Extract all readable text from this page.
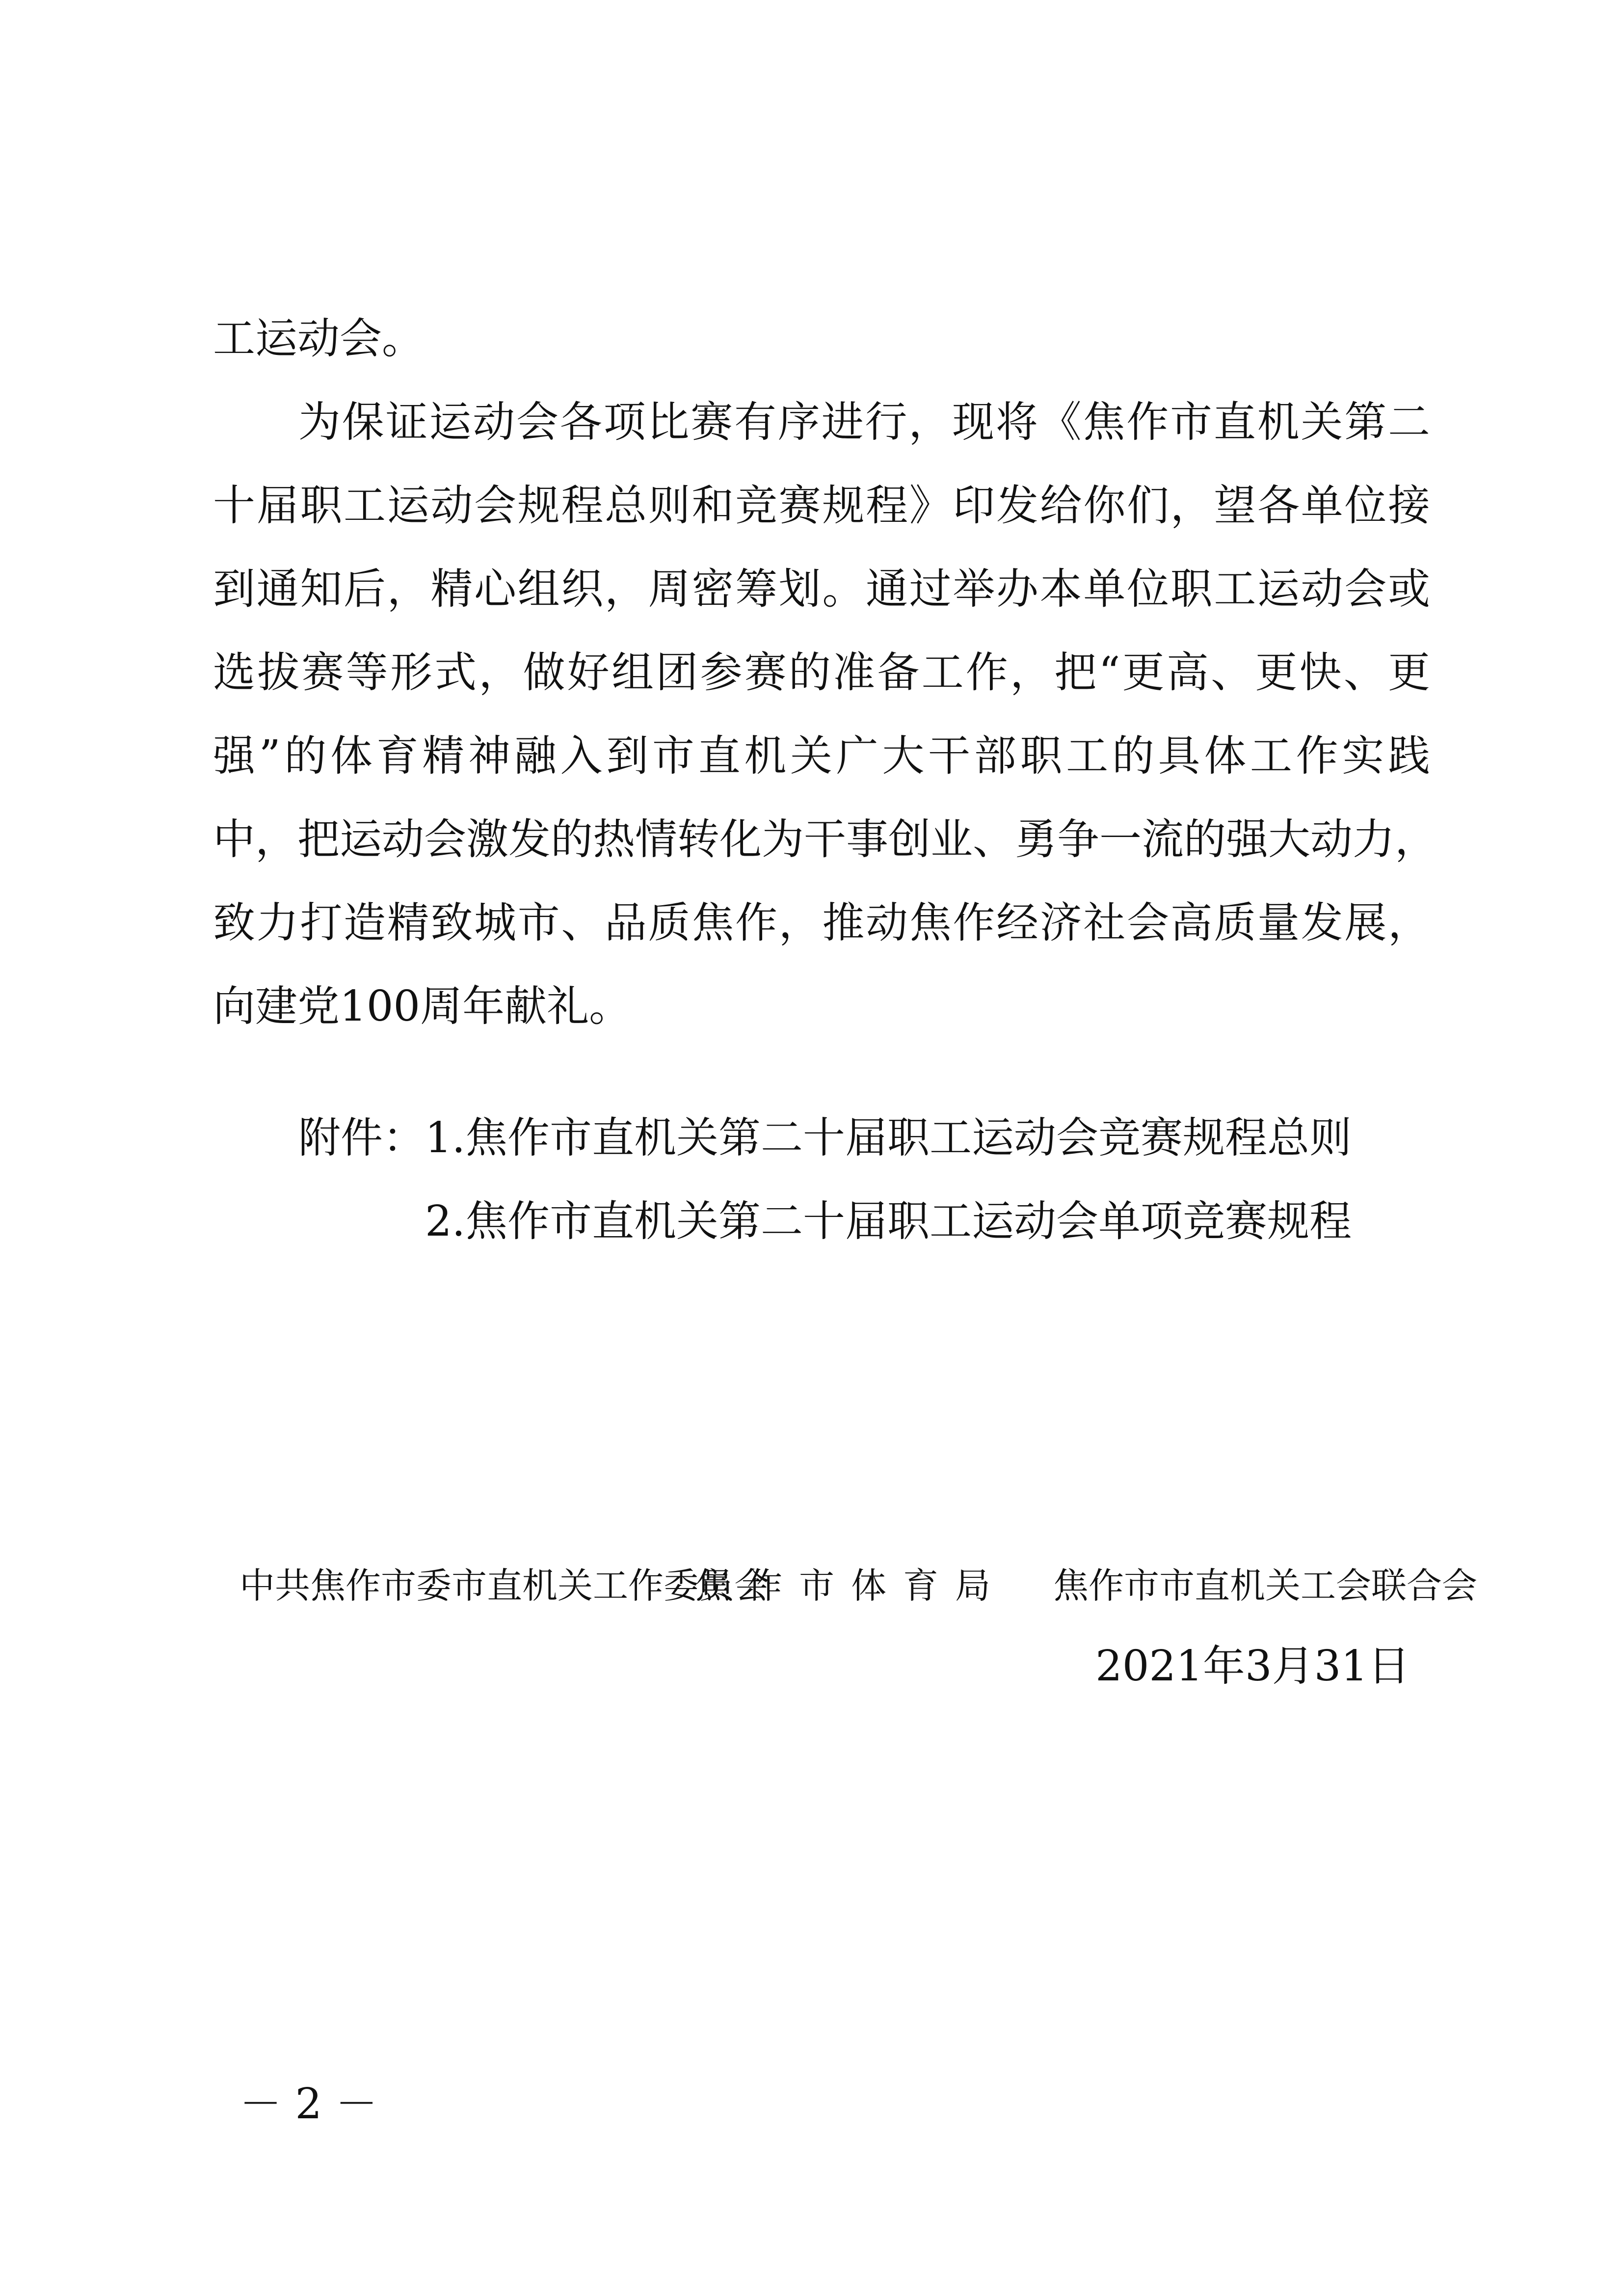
工运动会。
为保证运动会各项比赛有序进行，现将《焦作市直机关第二
十届职工运动会规程总则和竞赛规程》印发给你们，望各单位接
到通知后，精心组织，周密筹划。通过举办本单位职工运动会或
选拔赛等形式，做好组团参赛的准备工作，把“更高、更快、更
强”的体育精神融入到市直机关广大干部职工的具体工作实践
中，把运动会激发的热情转化为干事创业、勇争一流的强大动力，
致力打造精致城市、品质焦作，推动焦作经济社会高质量发展，
向建党100周年献礼。
附件： 1.焦作市直机关第二十届职工运动会竞赛规程总则
2.焦作市直机关第二十届职工运动会单项竞赛规程
中共焦作市委市直机关工作委员会
焦作市体育局 焦作市市直机关工会联合会
2021年3月31日
－ 2 －
